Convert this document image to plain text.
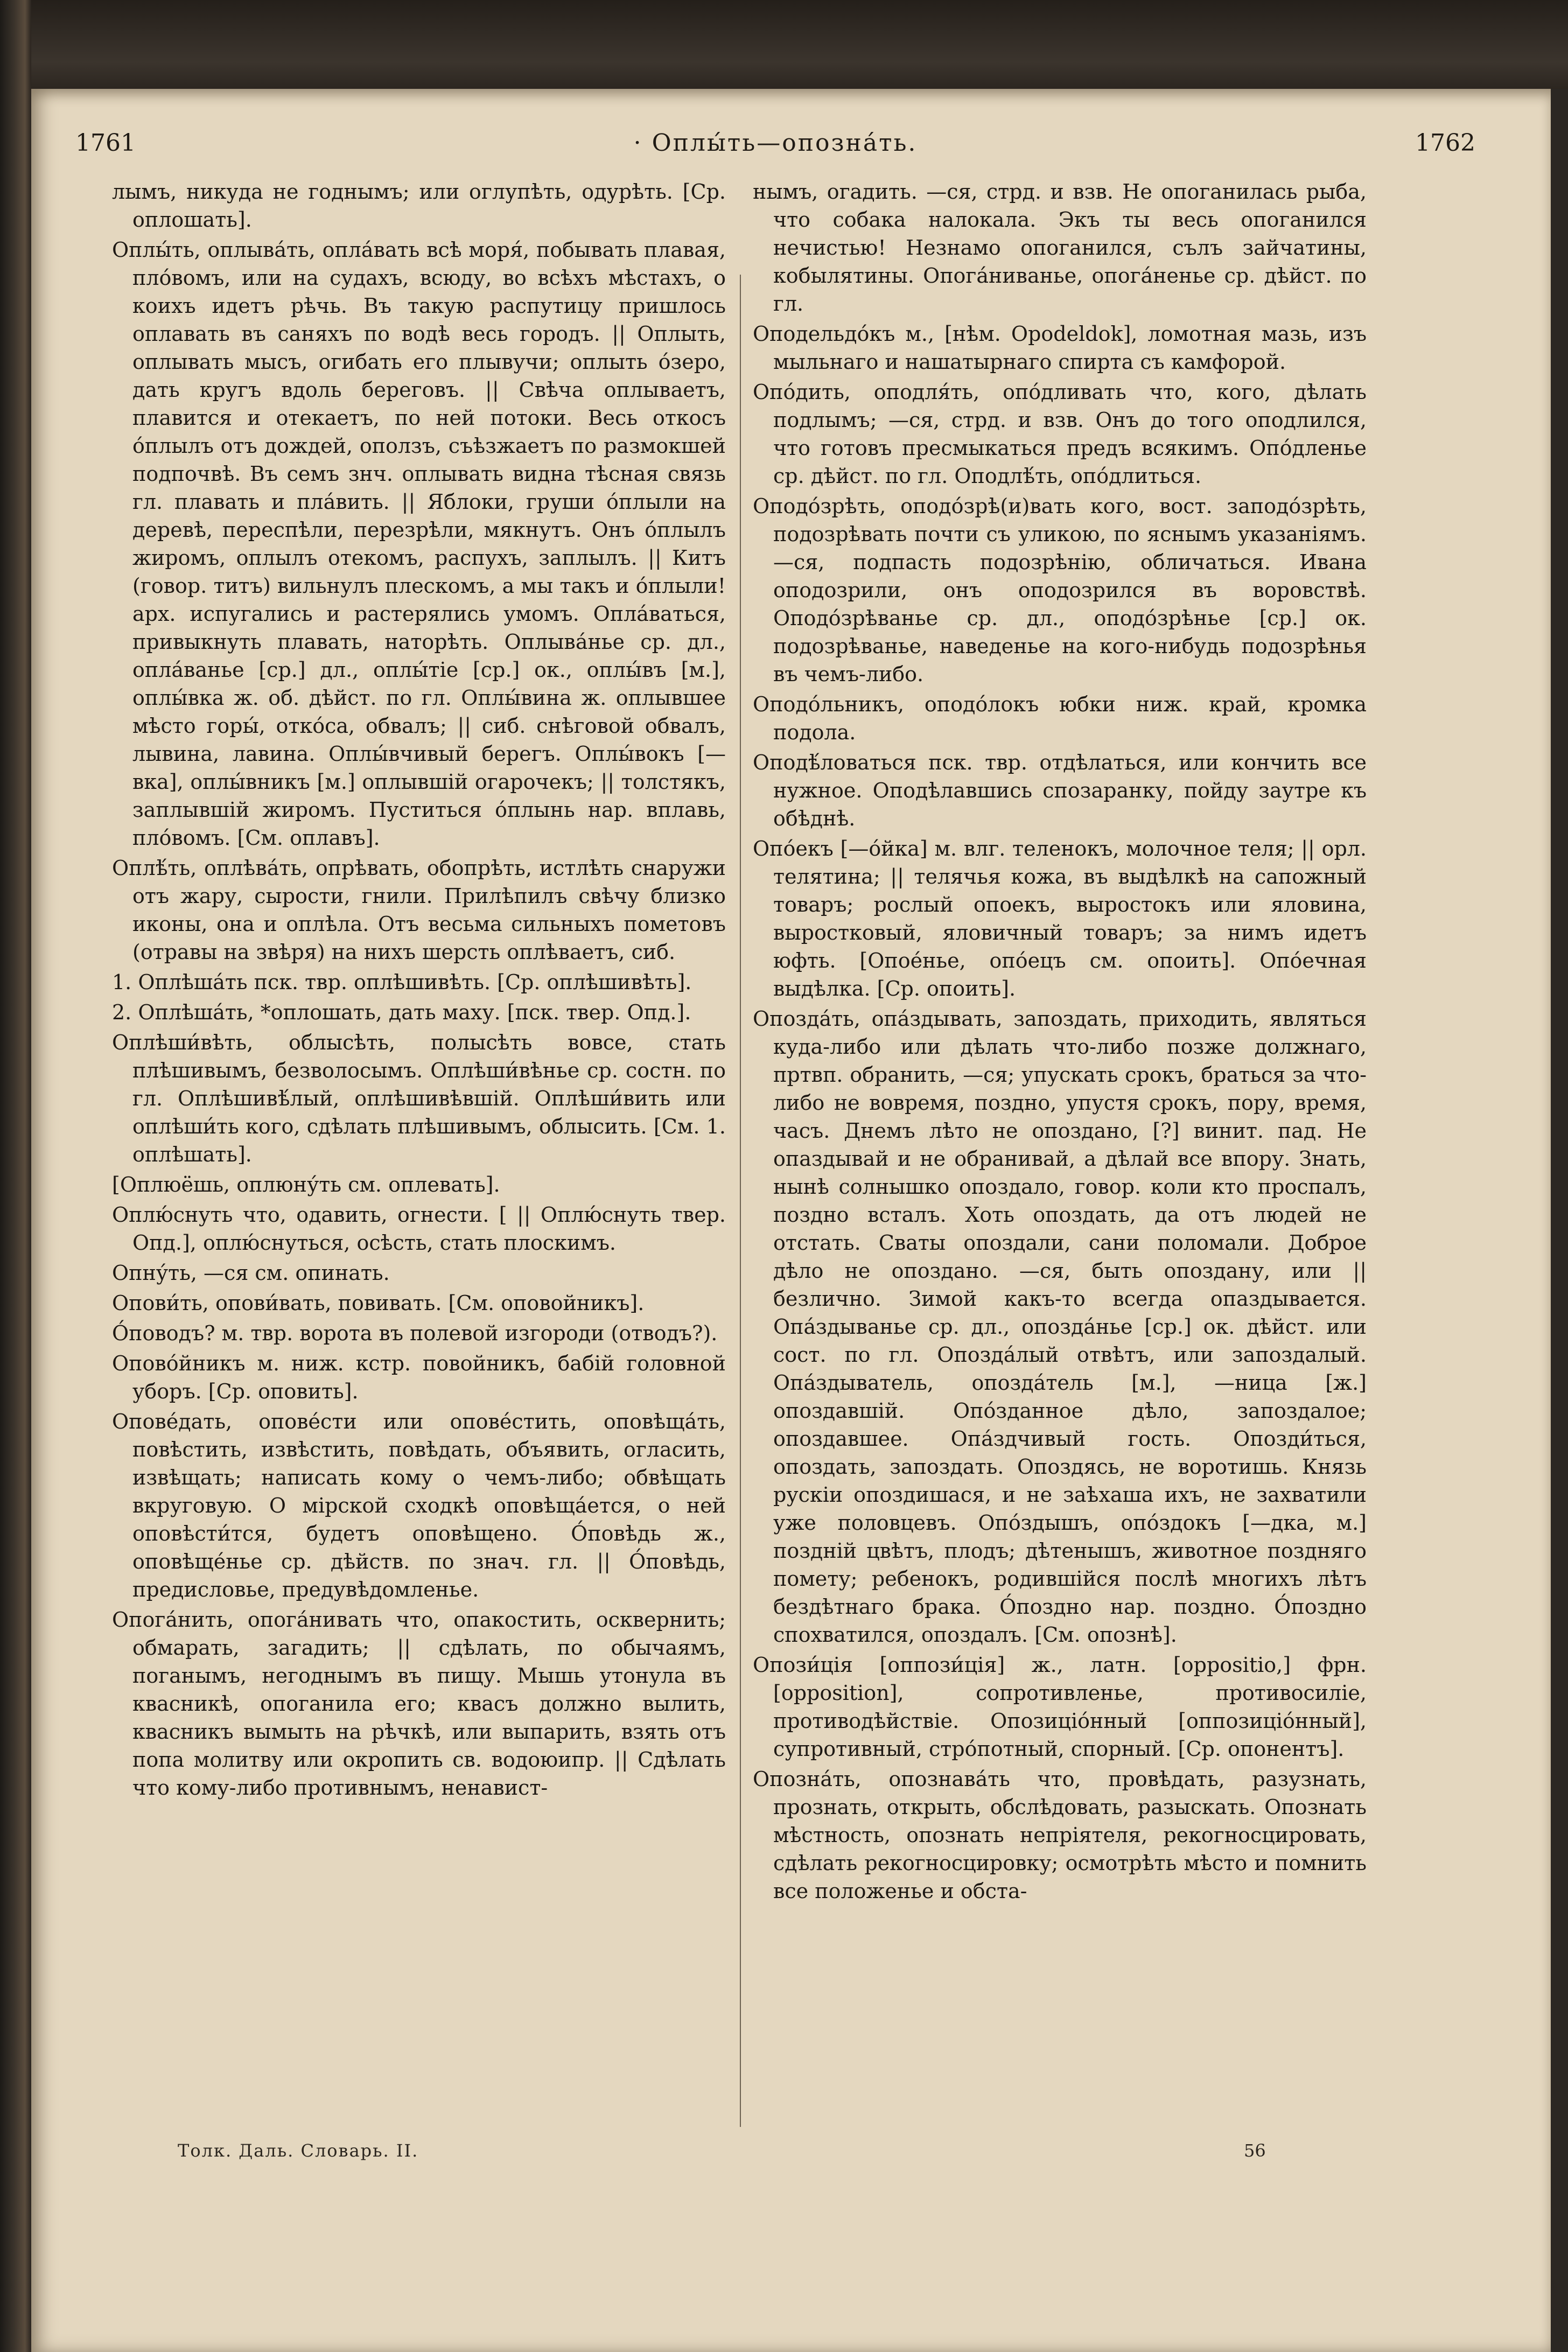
1761	· Оплы́ть—опозна́ть.	1762

лымъ, никуда не годнымъ; или оглупѣть, одурѣть. [Ср. оплошать].

Оплы́ть, оплыва́ть, опла́вать всѣ моря́, побывать плавая, пло́вомъ, или на судахъ, всюду, во всѣхъ мѣстахъ, о коихъ идетъ рѣчь. Въ такую распутицу пришлось оплавать въ саняхъ по водѣ весь городъ. || Оплыть, оплывать мысъ, огибать его плывучи; оплыть о́зеро, дать кругъ вдоль береговъ. || Свѣча оплываетъ, плавится и отекаетъ, по ней потоки. Весь откосъ о́плылъ отъ дождей, оползъ, съѣзжаетъ по размокшей подпочвѣ. Въ семъ знч. оплывать видна тѣсная связь гл. плавать и пла́вить. || Яблоки, груши о́плыли на деревѣ, переспѣли, перезрѣли, мякнутъ. Онъ о́плылъ жиромъ, оплылъ отекомъ, распухъ, заплылъ. || Китъ (говор. титъ) вильнулъ плескомъ, а мы такъ и о́плыли! арх. испугались и растерялись умомъ. Опла́ваться, привыкнуть плавать, наторѣть. Оплыва́нье ср. дл., опла́ванье [ср.] дл., оплы́тіе [ср.] ок., оплы́въ [м.], оплы́вка ж. об. дѣйст. по гл. Оплы́вина ж. оплывшее мѣсто горы́, отко́са, обвалъ; || сиб. снѣговой обвалъ, лывина, лавина. Оплы́вчивый берегъ. Оплы́вокъ [—вка], оплы́вникъ [м.] оплывшій огарочекъ; || толстякъ, заплывшій жиромъ. Пуститься о́плынь нар. вплавь, пло́вомъ. [См. оплавъ].

Оплѣ́ть, оплѣва́ть, опрѣвать, обопрѣть, истлѣть снаружи отъ жару, сырости, гнили. Прилѣпилъ свѣчу близко иконы, она и оплѣла. Отъ весьма сильныхъ пометовъ (отравы на звѣря) на нихъ шерсть оплѣваетъ, сиб.

1. Оплѣша́ть пск. твр. оплѣшивѣть. [Ср. оплѣшивѣть].

2. Оплѣша́ть, *оплошать, дать маху. [пск. твер. Опд.].

Оплѣши́вѣть, облысѣть, полысѣть вовсе, стать плѣшивымъ, безволосымъ. Оплѣши́вѣнье ср. состн. по гл. Оплѣшивѣ́лый, оплѣшивѣвшій. Оплѣши́вить или оплѣши́ть кого, сдѣлать плѣшивымъ, облысить. [См. 1. оплѣшать].

[Оплюёшь, оплюну́ть см. оплевать].

Оплю́снуть что, одавить, огнести. [ || Оплю́снуть твер. Опд.], оплю́снуться, осѣсть, стать плоскимъ.

Опну́ть, —ся см. опинать.

Опови́ть, опови́вать, повивать. [См. оповойникъ].

О́поводъ? м. твр. ворота въ полевой изгороди (отводъ?).

Опово́йникъ м. ниж. кстр. повойникъ, бабій головной уборъ. [Ср. оповить].

Опове́дать, опове́сти или опове́стить, оповѣща́ть, повѣстить, извѣстить, повѣдать, объявить, огласить, извѣщать; написать кому о чемъ-либо; обвѣщать вкруговую. О мірской сходкѣ оповѣща́ется, о ней оповѣсти́тся, будетъ оповѣщено. О́повѣдь ж., оповѣще́нье ср. дѣйств. по знач. гл. || О́повѣдь, предисловье, предувѣдомленье.

Опога́нить, опога́нивать что, опакостить, осквернить; обмарать, загадить; || сдѣлать, по обычаямъ, поганымъ, негоднымъ въ пищу. Мышь утонула въ квасникѣ, опоганила его; квасъ должно вылить, квасникъ вымыть на рѣчкѣ, или выпарить, взять отъ попа молитву или окропить св. водоюипр. || Сдѣлать что кому-либо противнымъ, ненавист-

нымъ, огадить. —ся, стрд. и взв. Не опоганилась рыба, что собака налокала. Экъ ты весь опоганился нечистью! Незнамо опоганился, сълъ зайчатины, кобылятины. Опога́ниванье, опога́ненье ср. дѣйст. по гл.

Оподельдо́къ м., [нѣм. Opodeldok], ломотная мазь, изъ мыльнаго и нашатырнаго спирта съ камфорой.

Опо́дить, оподля́ть, опо́дливать что, кого, дѣлать подлымъ; —ся, стрд. и взв. Онъ до того оподлился, что готовъ пресмыкаться предъ всякимъ. Опо́дленье ср. дѣйст. по гл. Оподлѣ́ть, опо́длиться.

Оподо́зрѣть, оподо́зрѣ(и)вать кого, вост. заподо́зрѣть, подозрѣвать почти съ уликою, по яснымъ указаніямъ. —ся, подпасть подозрѣнію, обличаться. Ивана оподозрили, онъ оподозрился въ воровствѣ. Оподо́зрѣванье ср. дл., оподо́зрѣнье [ср.] ок. подозрѣванье, наведенье на кого-нибудь подозрѣнья въ чемъ-либо.

Оподо́льникъ, оподо́локъ юбки ниж. край, кромка подола.

Оподѣ́ловаться пск. твр. отдѣлаться, или кончить все нужное. Оподѣлавшись спозаранку, пойду заутре къ обѣднѣ.

Опо́екъ [—о́йка] м. влг. теленокъ, молочное теля; || орл. телятина; || телячья кожа, въ выдѣлкѣ на сапожный товаръ; рослый опоекъ, выростокъ или яловина, выростковый, яловичный товаръ; за нимъ идетъ юфть. [Опое́нье, опо́ецъ см. опоить]. Опо́ечная выдѣлка. [Ср. опоить].

Опозда́ть, опа́здывать, запоздать, приходить, являться куда-либо или дѣлать что-либо позже должнаго, пртвп. обранить, —ся; упускать срокъ, браться за что-либо не вовремя, поздно, упустя срокъ, пору, время, часъ. Днемъ лѣто не опоздано, [?] винит. пад. Не опаздывай и не обранивай, а дѣлай все впору. Знать, нынѣ солнышко опоздало, говор. коли кто проспалъ, поздно всталъ. Хоть опоздать, да отъ людей не отстать. Сваты опоздали, сани поломали. Доброе дѣло не опоздано. —ся, быть опоздану, или || безлично. Зимой какъ-то всегда опаздывается. Опа́здыванье ср. дл., опозда́нье [ср.] ок. дѣйст. или сост. по гл. Опозда́лый отвѣтъ, или запоздалый. Опа́здыватель, опозда́тель [м.], —ница [ж.] опоздавшій. Опо́зданное дѣло, запоздалое; опоздавшее. Опа́здчивый гость. Опозди́ться, опоздать, запоздать. Опоздясь, не воротишь. Князь рускіи опоздишася, и не заѣхаша ихъ, не захватили уже половцевъ. Опо́здышъ, опо́здокъ [—дка, м.] поздній цвѣтъ, плодъ; дѣтенышъ, животное поздняго помету; ребенокъ, родившійся послѣ многихъ лѣтъ бездѣтнаго брака. О́поздно нар. поздно. О́поздно спохватился, опоздалъ. [См. опознѣ].

Опози́ція [оппози́ція] ж., латн. [oppositio,] фрн. [opposition], сопротивленье, противосиліе, противодѣйствіе. Опозиціо́нный [оппозиціо́нный], супротивный, стро́потный, спорный. [Ср. опонентъ].

Опозна́ть, опознава́ть что, провѣдать, разузнать, прознать, открыть, обслѣдовать, разыскать. Опознать мѣстность, опознать непріятеля, рекогносцировать, сдѣлать рекогносцировку; осмотрѣть мѣсто и помнить все положенье и обста-

Толк. Даль. Словарь. II.	56
